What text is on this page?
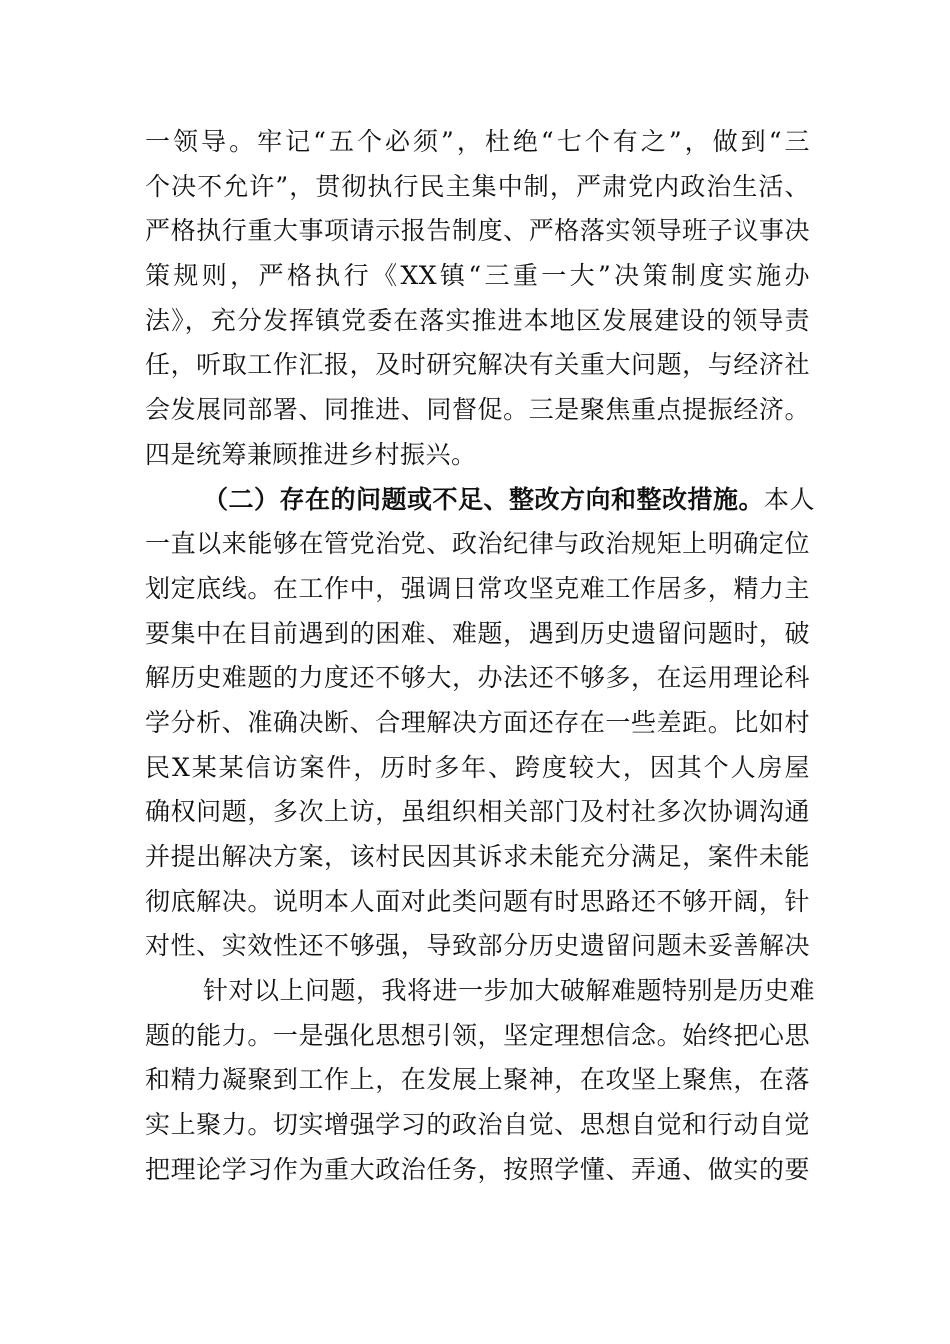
一领导。牢记“五个必须”，杜绝“七个有之”，做到“三
个决不允许”，贯彻执行民主集中制，严肃党内政治生活、
严格执行重大事项请示报告制度、严格落实领导班子议事决
策规则，严格执行《XX镇“三重一大”决策制度实施办
法》，充分发挥镇党委在落实推进本地区发展建设的领导责
任，听取工作汇报，及时研究解决有关重大问题，与经济社
会发展同部署、同推进、同督促。三是聚焦重点提振经济。
四是统筹兼顾推进乡村振兴。
（二）存在的问题或不足、整改方向和整改措施。本人
一直以来能够在管党治党、政治纪律与政治规矩上明确定位
划定底线。在工作中，强调日常攻坚克难工作居多，精力主
要集中在目前遇到的困难、难题，遇到历史遗留问题时，破
解历史难题的力度还不够大，办法还不够多，在运用理论科
学分析、准确决断、合理解决方面还存在一些差距。比如村
民X某某信访案件，历时多年、跨度较大，因其个人房屋
确权问题，多次上访，虽组织相关部门及村社多次协调沟通
并提出解决方案，该村民因其诉求未能充分满足，案件未能
彻底解决。说明本人面对此类问题有时思路还不够开阔，针
对性、实效性还不够强，导致部分历史遗留问题未妥善解决
针对以上问题，我将进一步加大破解难题特别是历史难
题的能力。一是强化思想引领，坚定理想信念。始终把心思
和精力凝聚到工作上，在发展上聚神，在攻坚上聚焦，在落
实上聚力。切实增强学习的政治自觉、思想自觉和行动自觉
把理论学习作为重大政治任务，按照学懂、弄通、做实的要
